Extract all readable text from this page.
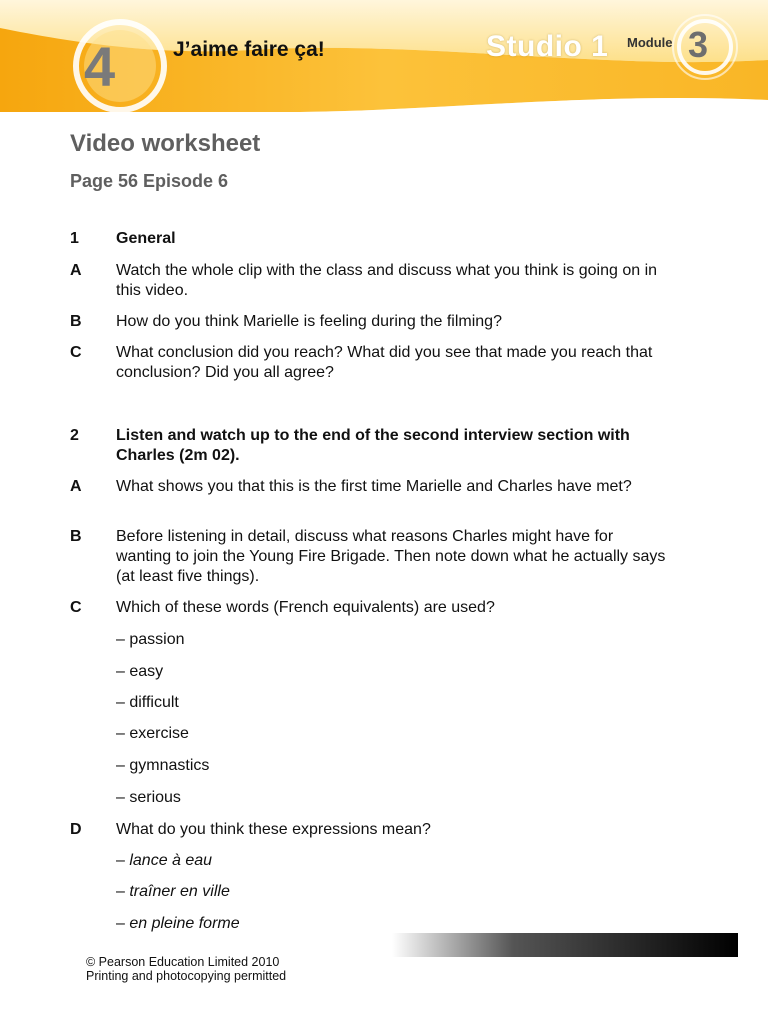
4	J’aime faire ça!	Studio 1 Module 3
Video worksheet
Page 56 Episode 6
1 General
A Watch the whole clip with the class and discuss what you think is going on in this video.
B How do you think Marielle is feeling during the filming?
C What conclusion did you reach? What did you see that made you reach that conclusion? Did you all agree?
2 Listen and watch up to the end of the second interview section with Charles (2m 02).
A What shows you that this is the first time Marielle and Charles have met?
B Before listening in detail, discuss what reasons Charles might have for wanting to join the Young Fire Brigade. Then note down what he actually says (at least five things).
C Which of these words (French equivalents) are used?
– passion
– easy
– difficult
– exercise
– gymnastics
– serious
D What do you think these expressions mean?
– lance à eau
– traîner en ville
– en pleine forme
© Pearson Education Limited 2010
Printing and photocopying permitted
